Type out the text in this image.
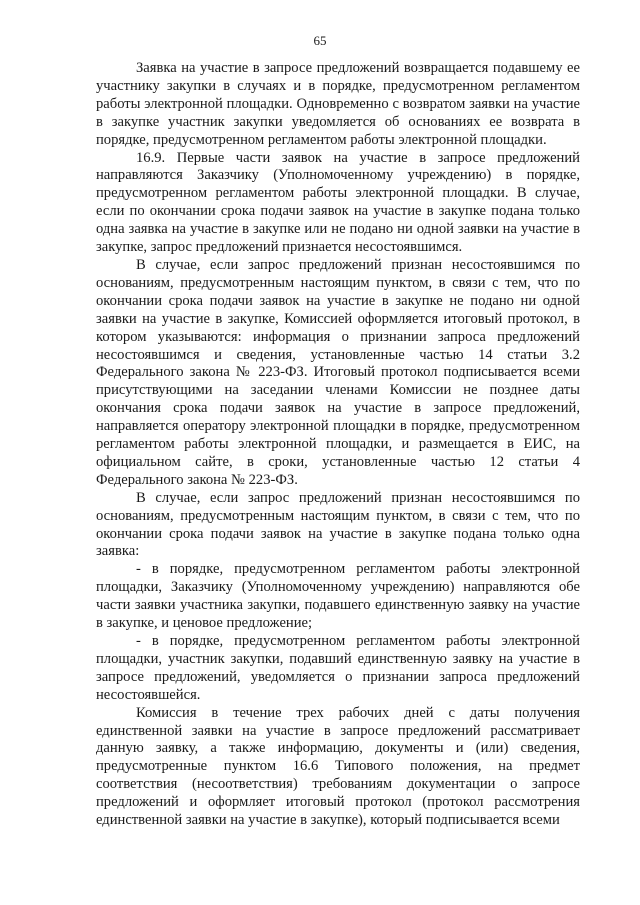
65

Заявка на участие в запросе предложений возвращается подавшему ее участнику закупки в случаях и в порядке, предусмотренном регламентом работы электронной площадки. Одновременно с возвратом заявки на участие в закупке участник закупки уведомляется об основаниях ее возврата в порядке, предусмотренном регламентом работы электронной площадки.

16.9. Первые части заявок на участие в запросе предложений направляются Заказчику (Уполномоченному учреждению) в порядке, предусмотренном регламентом работы электронной площадки. В случае, если по окончании срока подачи заявок на участие в закупке подана только одна заявка на участие в закупке или не подано ни одной заявки на участие в закупке, запрос предложений признается несостоявшимся.

В случае, если запрос предложений признан несостоявшимся по основаниям, предусмотренным настоящим пунктом, в связи с тем, что по окончании срока подачи заявок на участие в закупке не подано ни одной заявки на участие в закупке, Комиссией оформляется итоговый протокол, в котором указываются: информация о признании запроса предложений несостоявшимся и сведения, установленные частью 14 статьи 3.2 Федерального закона № 223-ФЗ. Итоговый протокол подписывается всеми присутствующими на заседании членами Комиссии не позднее даты окончания срока подачи заявок на участие в запросе предложений, направляется оператору электронной площадки в порядке, предусмотренном регламентом работы электронной площадки, и размещается в ЕИС, на официальном сайте, в сроки, установленные частью 12 статьи 4 Федерального закона № 223-ФЗ.

В случае, если запрос предложений признан несостоявшимся по основаниям, предусмотренным настоящим пунктом, в связи с тем, что по окончании срока подачи заявок на участие в закупке подана только одна заявка:

- в порядке, предусмотренном регламентом работы электронной площадки, Заказчику (Уполномоченному учреждению) направляются обе части заявки участника закупки, подавшего единственную заявку на участие в закупке, и ценовое предложение;

- в порядке, предусмотренном регламентом работы электронной площадки, участник закупки, подавший единственную заявку на участие в запросе предложений, уведомляется о признании запроса предложений несостоявшейся.

Комиссия в течение трех рабочих дней с даты получения единственной заявки на участие в запросе предложений рассматривает данную заявку, а также информацию, документы и (или) сведения, предусмотренные пунктом 16.6 Типового положения, на предмет соответствия (несоответствия) требованиям документации о запросе предложений и оформляет итоговый протокол (протокол рассмотрения единственной заявки на участие в закупке), который подписывается всеми
